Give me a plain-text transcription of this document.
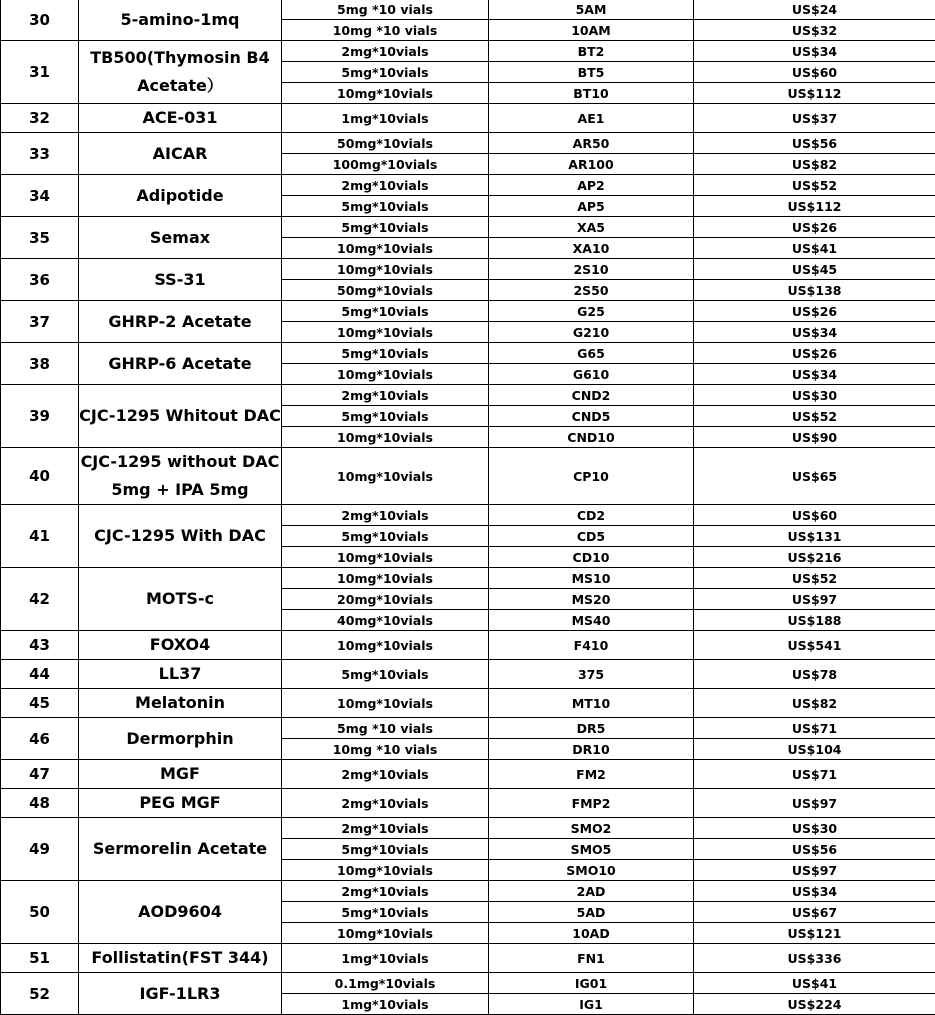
30	5-amino-1mq	5mg *10 vials	5AM	US$24
		10mg *10 vials	10AM	US$32
31	TB500(Thymosin B4 Acetate）	2mg*10vials	BT2	US$34
		5mg*10vials	BT5	US$60
		10mg*10vials	BT10	US$112
32	ACE-031	1mg*10vials	AE1	US$37
33	AICAR	50mg*10vials	AR50	US$56
		100mg*10vials	AR100	US$82
34	Adipotide	2mg*10vials	AP2	US$52
		5mg*10vials	AP5	US$112
35	Semax	5mg*10vials	XA5	US$26
		10mg*10vials	XA10	US$41
36	SS-31	10mg*10vials	2S10	US$45
		50mg*10vials	2S50	US$138
37	GHRP-2 Acetate	5mg*10vials	G25	US$26
		10mg*10vials	G210	US$34
38	GHRP-6 Acetate	5mg*10vials	G65	US$26
		10mg*10vials	G610	US$34
39	CJC-1295 Whitout DAC	2mg*10vials	CND2	US$30
		5mg*10vials	CND5	US$52
		10mg*10vials	CND10	US$90
40	CJC-1295 without DAC 5mg + IPA 5mg	10mg*10vials	CP10	US$65
41	CJC-1295 With DAC	2mg*10vials	CD2	US$60
		5mg*10vials	CD5	US$131
		10mg*10vials	CD10	US$216
42	MOTS-c	10mg*10vials	MS10	US$52
		20mg*10vials	MS20	US$97
		40mg*10vials	MS40	US$188
43	FOXO4	10mg*10vials	F410	US$541
44	LL37	5mg*10vials	375	US$78
45	Melatonin	10mg*10vials	MT10	US$82
46	Dermorphin	5mg *10 vials	DR5	US$71
		10mg *10 vials	DR10	US$104
47	MGF	2mg*10vials	FM2	US$71
48	PEG MGF	2mg*10vials	FMP2	US$97
49	Sermorelin Acetate	2mg*10vials	SMO2	US$30
		5mg*10vials	SMO5	US$56
		10mg*10vials	SMO10	US$97
50	AOD9604	2mg*10vials	2AD	US$34
		5mg*10vials	5AD	US$67
		10mg*10vials	10AD	US$121
51	Follistatin(FST 344)	1mg*10vials	FN1	US$336
52	IGF-1LR3	0.1mg*10vials	IG01	US$41
		1mg*10vials	IG1	US$224
